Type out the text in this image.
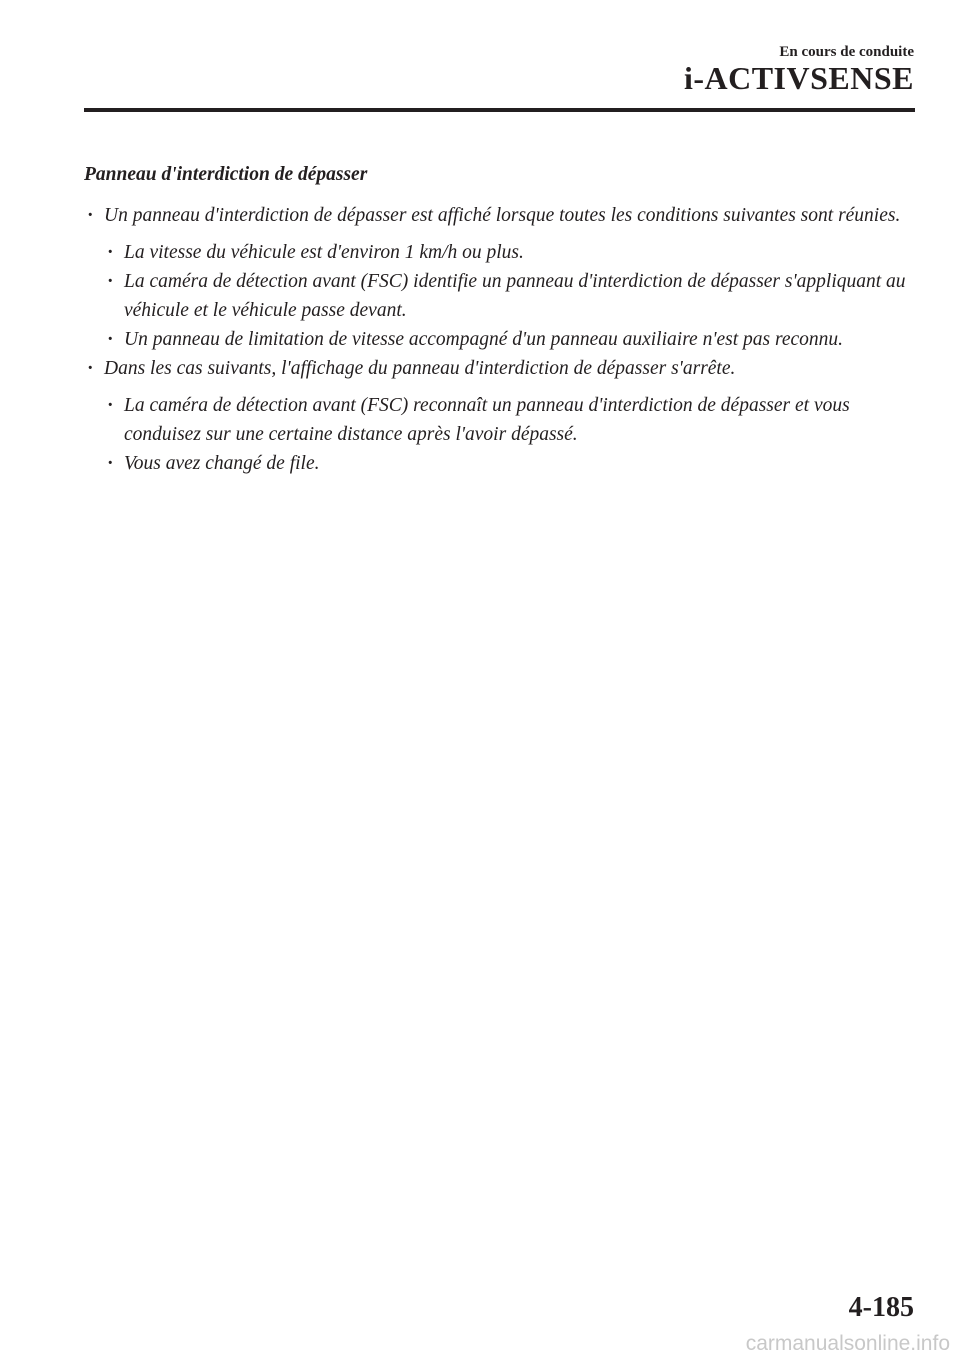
En cours de conduite
i-ACTIVSENSE
Panneau d'interdiction de dépasser
· Un panneau d'interdiction de dépasser est affiché lorsque toutes les conditions suivantes sont réunies.
· La vitesse du véhicule est d'environ 1 km/h ou plus.
· La caméra de détection avant (FSC) identifie un panneau d'interdiction de dépasser s'appliquant au véhicule et le véhicule passe devant.
· Un panneau de limitation de vitesse accompagné d'un panneau auxiliaire n'est pas reconnu.
· Dans les cas suivants, l'affichage du panneau d'interdiction de dépasser s'arrête.
· La caméra de détection avant (FSC) reconnaît un panneau d'interdiction de dépasser et vous conduisez sur une certaine distance après l'avoir dépassé.
· Vous avez changé de file.
4-185
carmanualsonline.info
